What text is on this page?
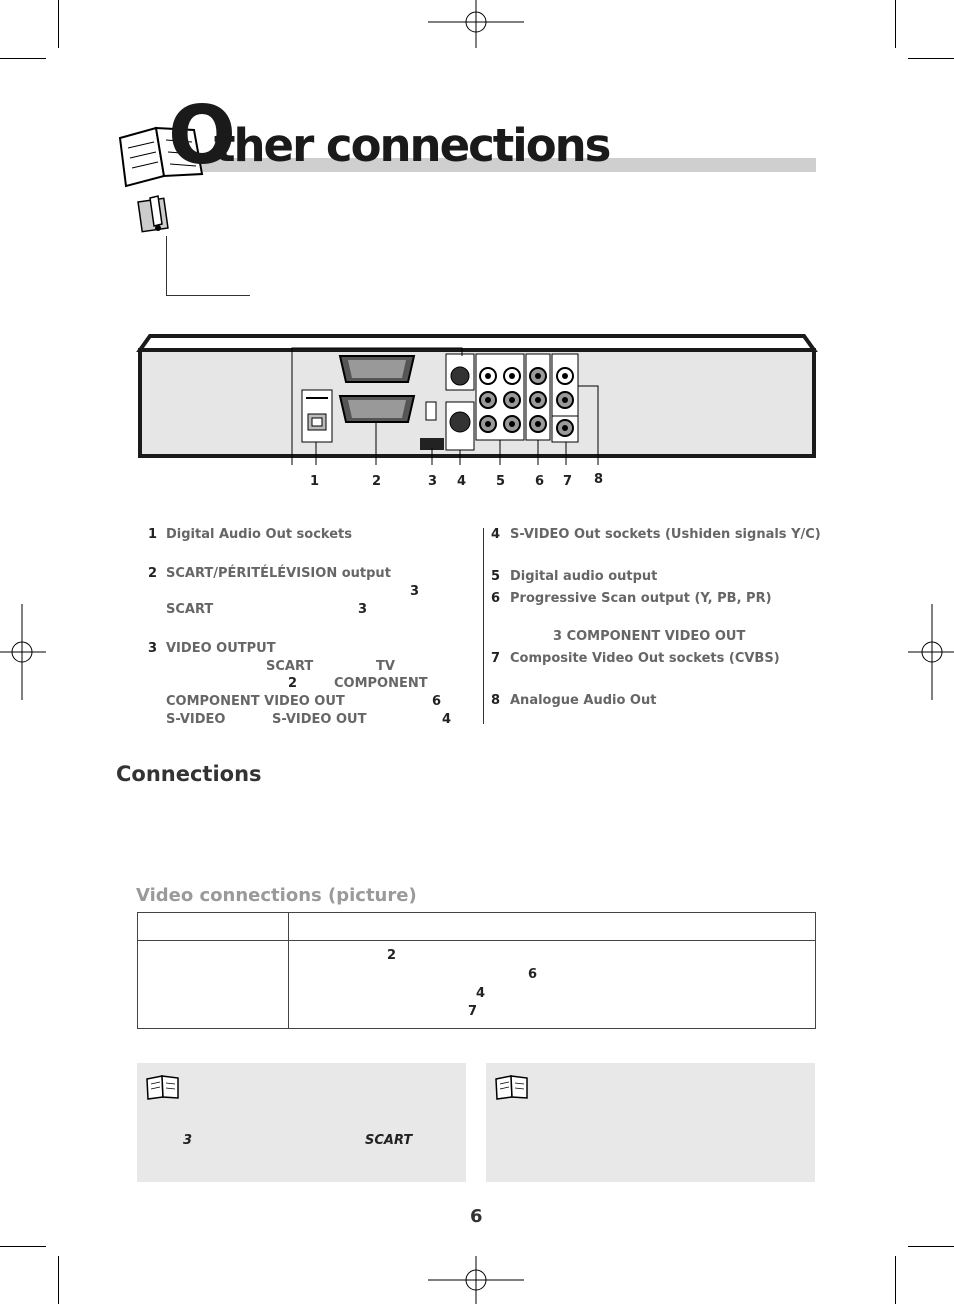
O
ther connections
1	2	3 4 5 6 7 8
1 Digital Audio Out sockets
2 SCART/PÉRITÉLÉVISION output
3
SCART	3
3 VIDEO OUTPUT
SCART	TV
2	COMPONENT
COMPONENT VIDEO OUT	6
S-VIDEO	S-VIDEO OUT	4
4 S-VIDEO Out sockets (Ushiden signals Y/C)
5 Digital audio output
6 Progressive Scan output (Y, PB, PR)
3 COMPONENT VIDEO OUT
7 Composite Video Out sockets (CVBS)
8 Analogue Audio Out
Connections
Video connections (picture)

	2
6
4
7
3	SCART
6
